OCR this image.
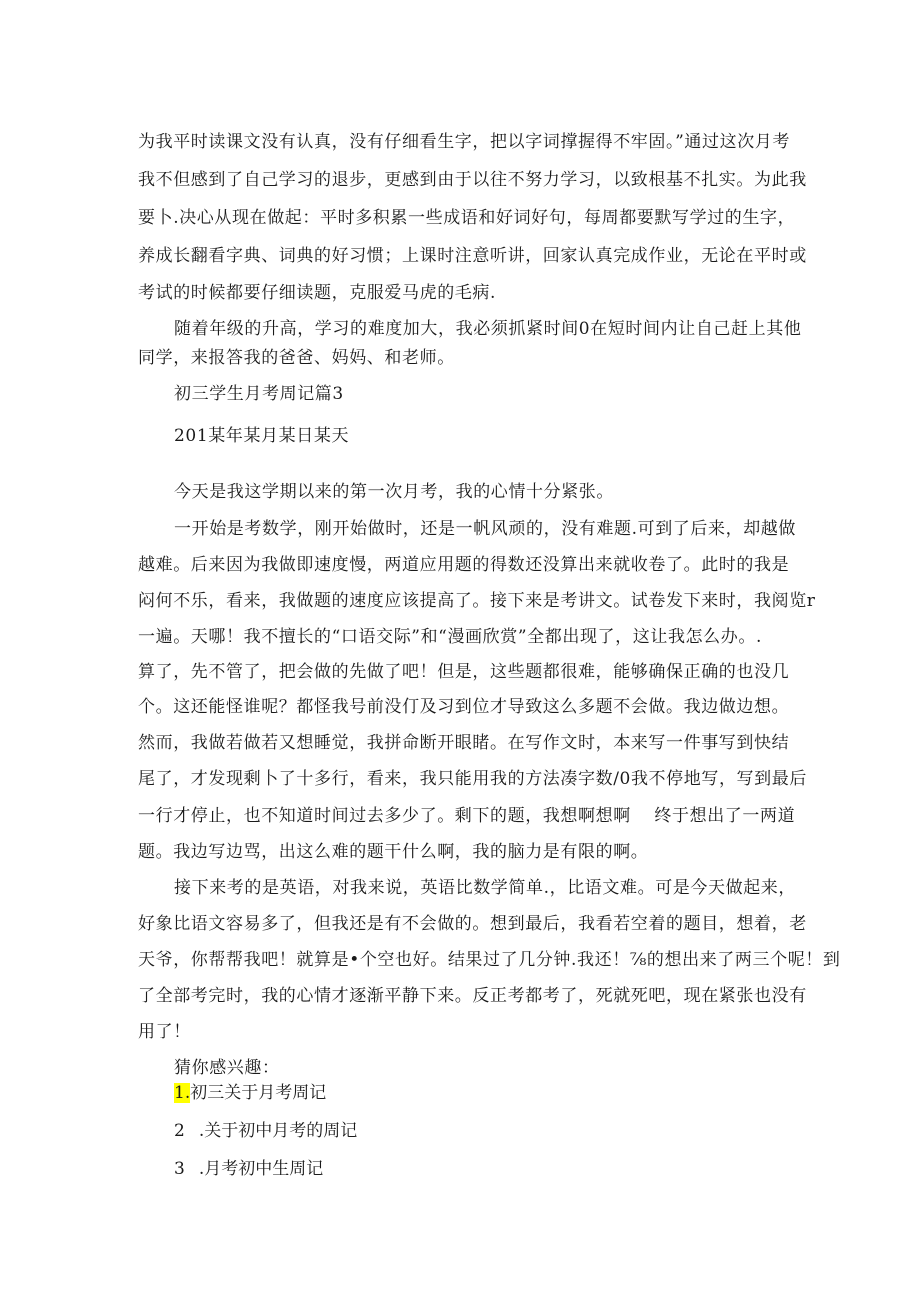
为我平时读课文没有认真，没有仔细看生字，把以字词撑握得不牢固。”通过这次月考
我不但感到了自己学习的退步，更感到由于以往不努力学习，以致根基不扎实。为此我
要卜.决心从现在做起：平时多积累一些成语和好词好句，每周都要默写学过的生字，
养成长翻看字典、词典的好习惯；上课时注意听讲，回家认真完成作业，无论在平时或
考试的时候都要仔细读题，克服爱马虎的毛病.
随着年级的升高，学习的难度加大，我必须抓紧时间0在短时间内让自己赶上其他
同学，来报答我的爸爸、妈妈、和老师。
初三学生月考周记篇3
201某年某月某日某天
今天是我这学期以来的第一次月考，我的心情十分紧张。
一开始是考数学，刚开始做时，还是一帆风顽的，没有难题.可到了后来，却越做
越难。后来因为我做即速度慢，两道应用题的得数还没算出来就收卷了。此时的我是
闷何不乐，看来，我做题的速度应该提高了。接下来是考讲文。试卷发下来时，我阅览r
一遍。天哪！我不擅长的“口语交际”和“漫画欣赏”全都出现了，这让我怎么办。.
算了，先不管了，把会做的先做了吧！但是，这些题都很难，能够确保正确的也没几
个。这还能怪谁呢？都怪我号前没仃及习到位才导致这么多题不会做。我边做边想。
然而，我做若做若又想睡觉，我拼命断开眼睹。在写作文时，本来写一件事写到快结
尾了，才发现剩卜了十多行，看来，我只能用我的方法凑字数/0我不停地写，写到最后
一行才停止，也不知道时间过去多少了。剩下的题，我想啊想啊　 终于想出了一两道
题。我边写边骂，出这么难的题干什么啊，我的脑力是有限的啊。
接下来考的是英语，对我来说，英语比数学简单.，比语文难。可是今天做起来，
好象比语文容易多了，但我还是有不会做的。想到最后，我看若空着的题目，想着，老
天爷，你帮帮我吧！就算是•个空也好。结果过了几分钟.我还！⅞的想出来了两三个呢！到
了全部考完时，我的心情才逐渐平静下来。反正考都考了，死就死吧，现在紧张也没有
用了！
猜你感兴趣：
1.初三关于月考周记
2 .关于初中月考的周记
3 .月考初中生周记
